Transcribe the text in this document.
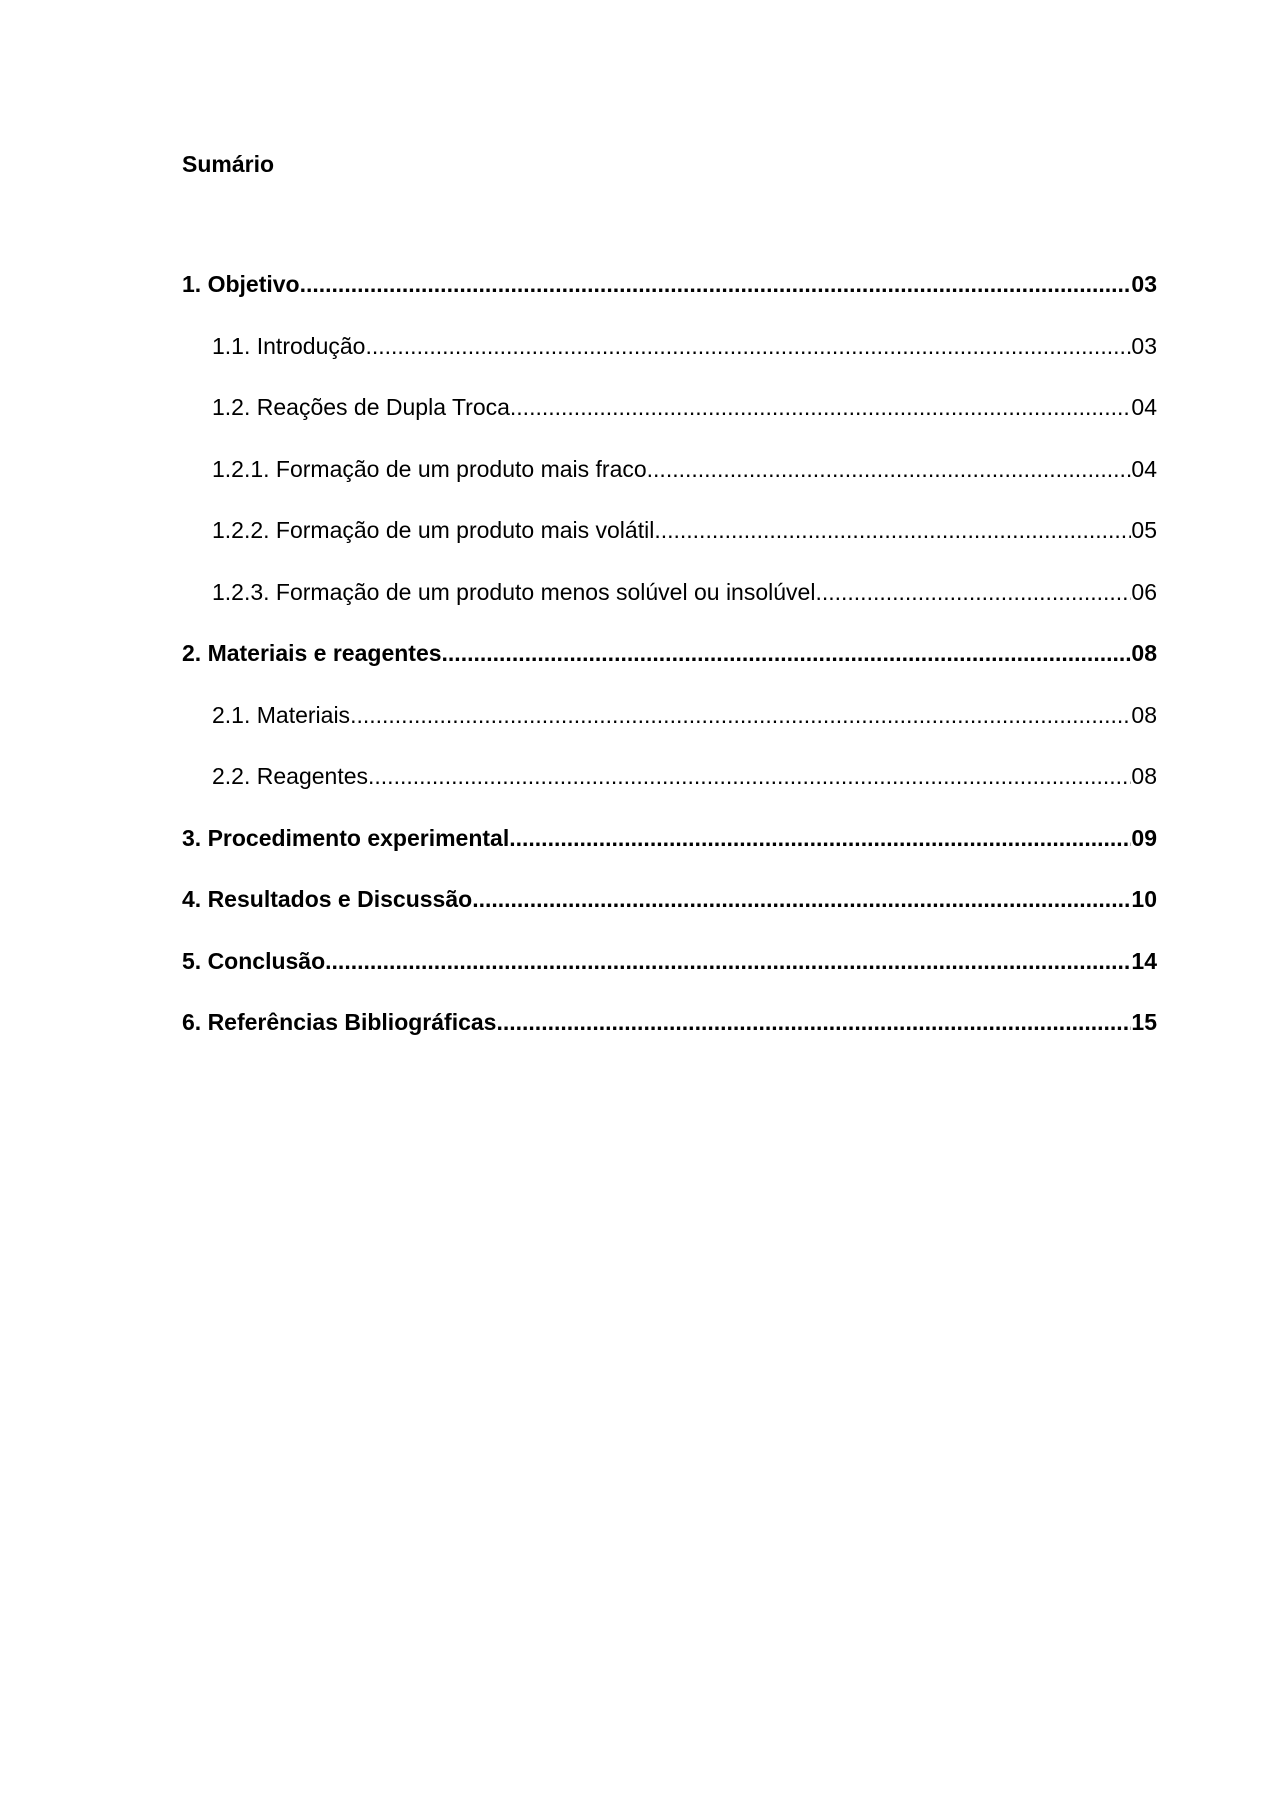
Sumário
1. Objetivo .....	03
1.1. Introdução .....	03
1.2. Reações de Dupla Troca .....	04
1.2.1. Formação de um produto mais fraco .....	04
1.2.2. Formação de um produto mais volátil .....	05
1.2.3. Formação de um produto menos solúvel ou insolúvel .....	06
2. Materiais e reagentes .....	08
2.1. Materiais .....	08
2.2. Reagentes .....	08
3. Procedimento experimental .....	09
4. Resultados e Discussão .....	10
5. Conclusão .....	14
6. Referências Bibliográficas .....	15
